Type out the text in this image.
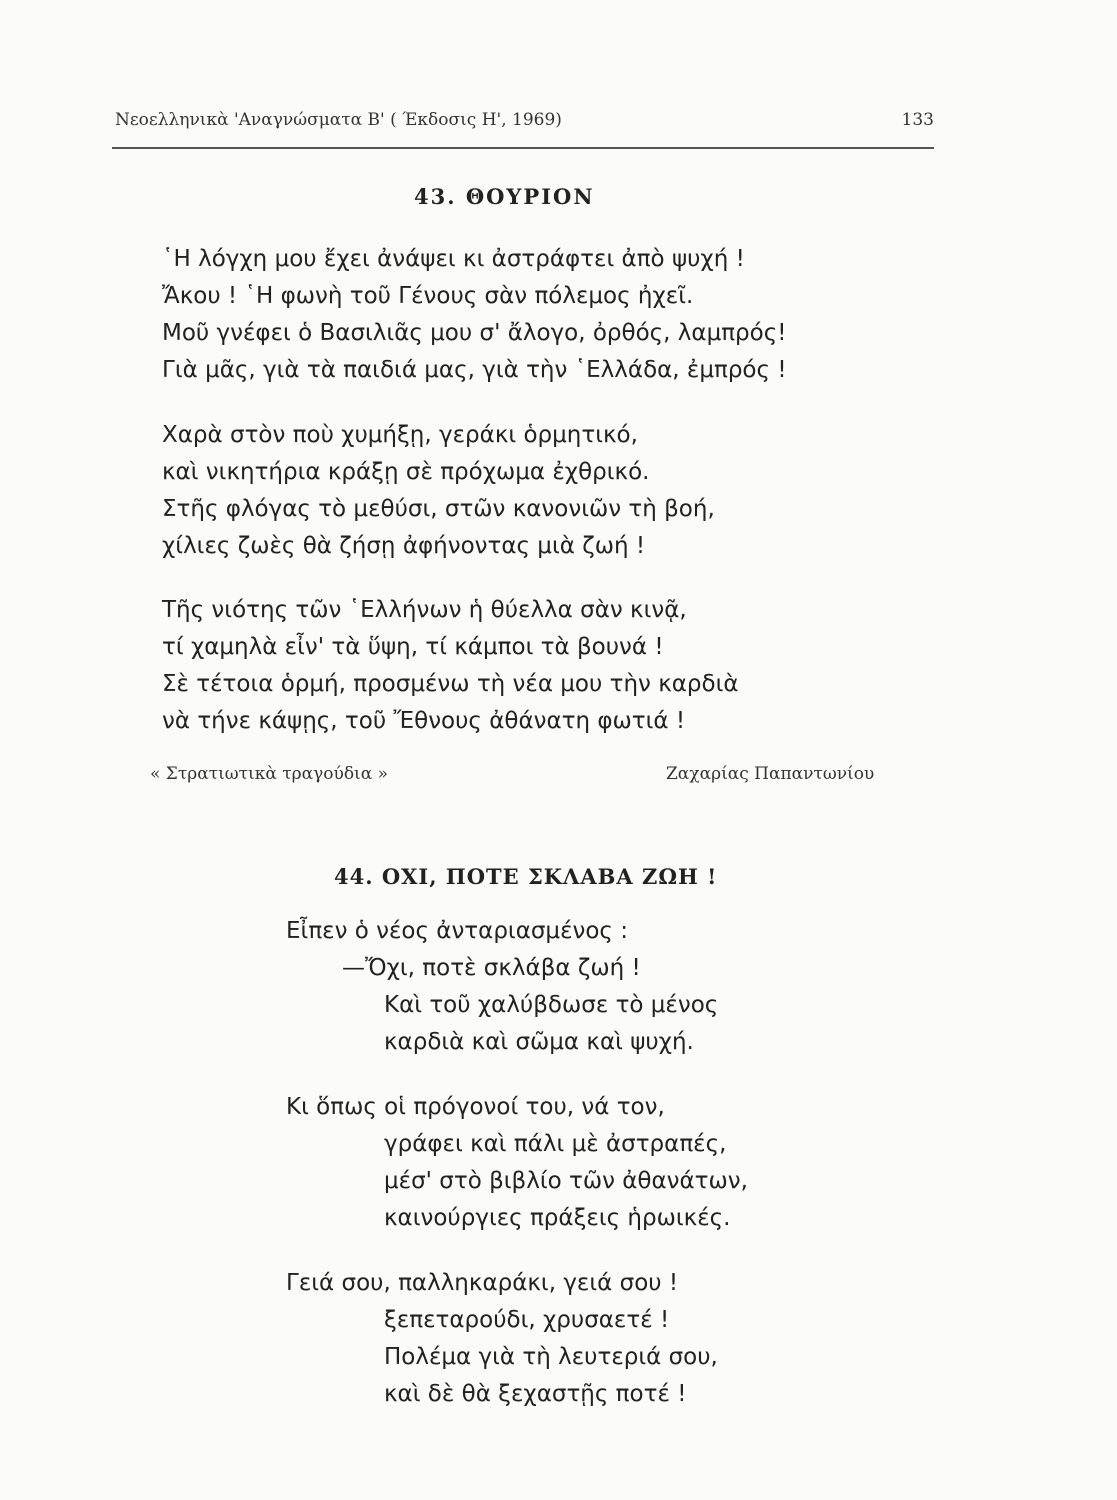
Νεοελληνικὰ 'Αναγνώσματα Β' ( Έκδοσις Η', 1969)	133
43. ΘΟΥΡΙΟΝ
῾Η λόγχη μου ἔχει ἀνάψει κι ἀστράφτει ἀπὸ ψυχή !
Ἄκου ! ῾Η φωνὴ τοῦ Γένους σὰν πόλεμος ἠχεῖ.
Μοῦ γνέφει ὁ Βασιλιᾶς μου σ' ἄλογο, ὀρθός, λαμπρός!
Γιὰ μᾶς, γιὰ τὰ παιδιά μας, γιὰ τὴν ῾Ελλάδα, ἐμπρός !
Χαρὰ στὸν ποὺ χυμήξῃ, γεράκι ὁρμητικό,
καὶ νικητήρια κράξῃ σὲ πρόχωμα ἐχθρικό.
Στῆς φλόγας τὸ μεθύσι, στῶν κανονιῶν τὴ βοή,
χίλιες ζωὲς θὰ ζήσῃ ἀφήνοντας μιὰ ζωή !
Τῆς νιότης τῶν ῾Ελλήνων ἡ θύελλα σὰν κινᾷ,
τί χαμηλὰ εἶν' τὰ ὕψη, τί κάμποι τὰ βουνά !
Σὲ τέτοια ὁρμή, προσμένω τὴ νέα μου τὴν καρδιὰ
νὰ τήνε κάψῃς, τοῦ Ἔθνους ἀθάνατη φωτιά !
« Στρατιωτικὰ τραγούδια »	Ζαχαρίας Παπαντωνίου
44. ΟΧΙ, ΠΟΤΕ ΣΚΛΑΒΑ ΖΩΗ !
Εἶπεν ὁ νέος ἀνταριασμένος :
—Ὄχι, ποτὲ σκλάβα ζωή !
Καὶ τοῦ χαλύβδωσε τὸ μένος
καρδιὰ καὶ σῶμα καὶ ψυχή.
Κι ὅπως οἱ πρόγονοί του, νά τον,
γράφει καὶ πάλι μὲ ἀστραπές,
μέσ' στὸ βιβλίο τῶν ἀθανάτων,
καινούργιες πράξεις ἡρωικές.
Γειά σου, παλληκαράκι, γειά σου !
ξεπεταρούδι, χρυσαετέ !
Πολέμα γιὰ τὴ λευτεριά σου,
καὶ δὲ θὰ ξεχαστῇς ποτέ !
